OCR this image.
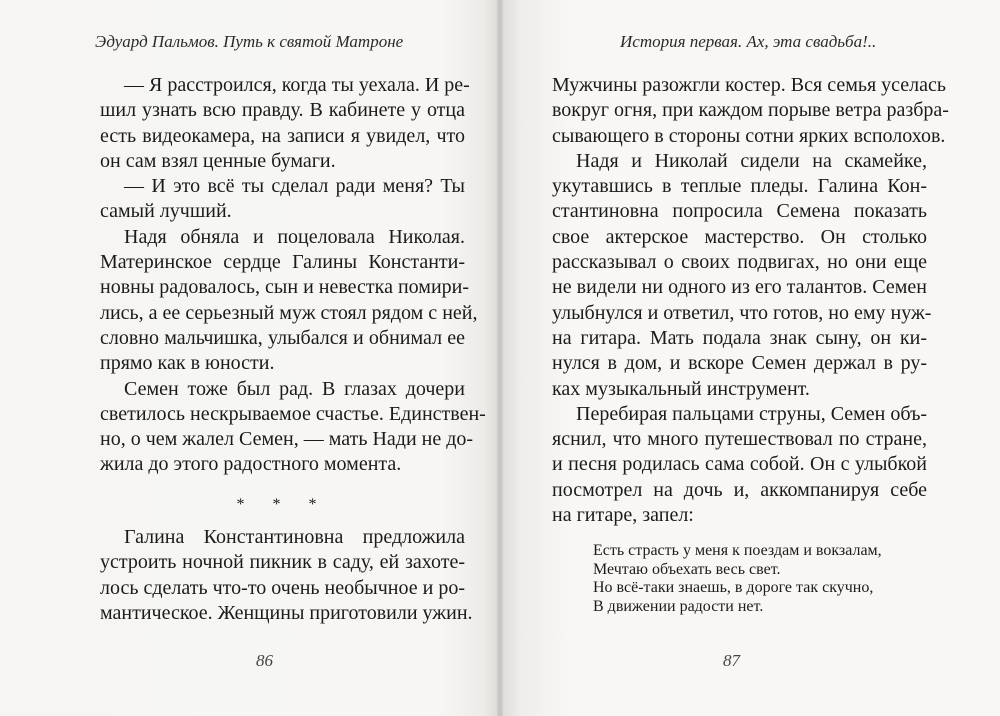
Эдуард Пальмов. Путь к святой Матроне
— Я расстроился, когда ты уехала. И ре-
шил узнать всю правду. В кабинете у отца
есть видеокамера, на записи я увидел, что
он сам взял ценные бумаги.
— И это всё ты сделал ради меня? Ты
самый лучший.
Надя обняла и поцеловала Николая.
Материнское сердце Галины Константи-
новны радовалось, сын и невестка помири-
лись, а ее серьезный муж стоял рядом с ней,
словно мальчишка, улыбался и обнимал ее
прямо как в юности.
Семен тоже был рад. В глазах дочери
светилось нескрываемое счастье. Единствен-
но, о чем жалел Семен, — мать Нади не до-
жила до этого радостного момента.
* * *
Галина Константиновна предложила
устроить ночной пикник в саду, ей захоте-
лось сделать что-то очень необычное и ро-
мантическое. Женщины приготовили ужин.
86
История первая. Ах, эта свадьба!..
Мужчины разожгли костер. Вся семья уселась
вокруг огня, при каждом порыве ветра разбра-
сывающего в стороны сотни ярких всполохов.
Надя и Николай сидели на скамейке,
укутавшись в теплые пледы. Галина Кон-
стантиновна попросила Семена показать
свое актерское мастерство. Он столько
рассказывал о своих подвигах, но они еще
не видели ни одного из его талантов. Семен
улыбнулся и ответил, что готов, но ему нуж-
на гитара. Мать подала знак сыну, он ки-
нулся в дом, и вскоре Семен держал в ру-
ках музыкальный инструмент.
Перебирая пальцами струны, Семен объ-
яснил, что много путешествовал по стране,
и песня родилась сама собой. Он с улыбкой
посмотрел на дочь и, аккомпанируя себе
на гитаре, запел:
Есть страсть у меня к поездам и вокзалам,
Мечтаю объехать весь свет.
Но всё-таки знаешь, в дороге так скучно,
В движении радости нет.
87
